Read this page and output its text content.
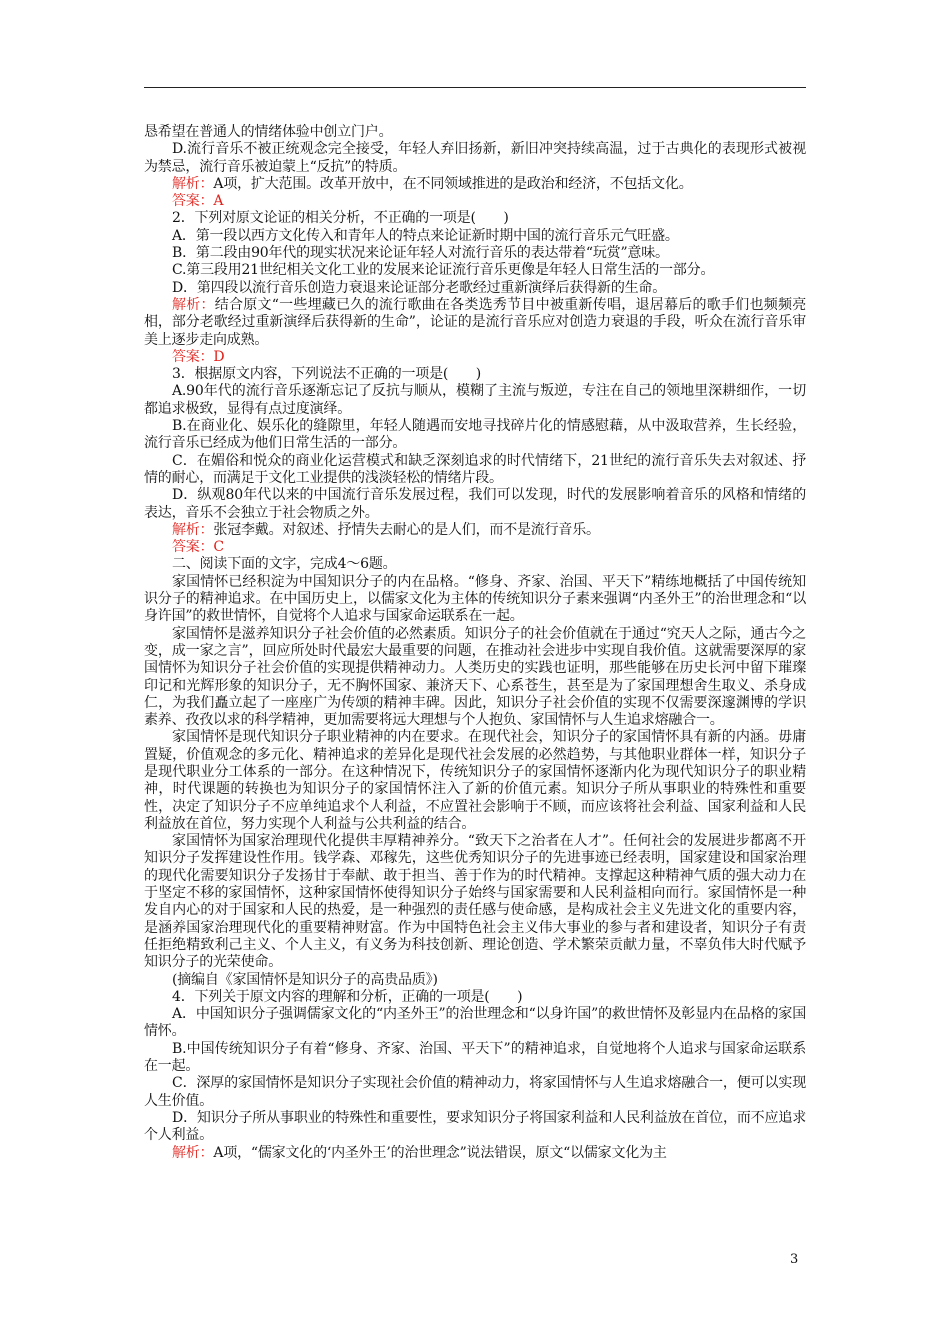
恳希望在普通人的情绪体验中创立门户。

D.流行音乐不被正统观念完全接受，年轻人弃旧扬新，新旧冲突持续高温，过于古典化的表现形式被视为禁忌，流行音乐被迫蒙上“反抗”的特质。

解析：A项，扩大范围。改革开放中，在不同领域推进的是政治和经济，不包括文化。

答案：A

2．下列对原文论证的相关分析，不正确的一项是(　　)

A．第一段以西方文化传入和青年人的特点来论证新时期中国的流行音乐元气旺盛。

B．第二段由90年代的现实状况来论证年轻人对流行音乐的表达带着“玩赏”意味。

C.第三段用21世纪相关文化工业的发展来论证流行音乐更像是年轻人日常生活的一部分。

D．第四段以流行音乐创造力衰退来论证部分老歌经过重新演绎后获得新的生命。

解析：结合原文“一些埋藏已久的流行歌曲在各类选秀节目中被重新传唱，退居幕后的歌手们也频频亮相，部分老歌经过重新演绎后获得新的生命”，论证的是流行音乐应对创造力衰退的手段，听众在流行音乐审美上逐步走向成熟。

答案：D

3．根据原文内容，下列说法不正确的一项是(　　)

A.90年代的流行音乐逐渐忘记了反抗与顺从，模糊了主流与叛逆，专注在自己的领地里深耕细作，一切都追求极致，显得有点过度演绎。

B.在商业化、娱乐化的缝隙里，年轻人随遇而安地寻找碎片化的情感慰藉，从中汲取营养，生长经验，流行音乐已经成为他们日常生活的一部分。

C．在媚俗和悦众的商业化运营模式和缺乏深刻追求的时代情绪下，21世纪的流行音乐失去对叙述、抒情的耐心，而满足于文化工业提供的浅淡轻松的情绪片段。

D．纵观80年代以来的中国流行音乐发展过程，我们可以发现，时代的发展影响着音乐的风格和情绪的表达，音乐不会独立于社会物质之外。

解析：张冠李戴。对叙述、抒情失去耐心的是人们，而不是流行音乐。

答案：C

二、阅读下面的文字，完成4～6题。

家国情怀已经积淀为中国知识分子的内在品格。“修身、齐家、治国、平天下”精练地概括了中国传统知识分子的精神追求。在中国历史上，以儒家文化为主体的传统知识分子素来强调“内圣外王”的治世理念和“以身许国”的救世情怀，自觉将个人追求与国家命运联系在一起。

家国情怀是滋养知识分子社会价值的必然素质。知识分子的社会价值就在于通过“究天人之际，通古今之变，成一家之言”，回应所处时代最宏大最重要的问题，在推动社会进步中实现自我价值。这就需要深厚的家国情怀为知识分子社会价值的实现提供精神动力。人类历史的实践也证明，那些能够在历史长河中留下璀璨印记和光辉形象的知识分子，无不胸怀国家、兼济天下、心系苍生，甚至是为了家国理想舍生取义、杀身成仁，为我们矗立起了一座座广为传颂的精神丰碑。因此，知识分子社会价值的实现不仅需要深邃渊博的学识素养、孜孜以求的科学精神，更加需要将远大理想与个人抱负、家国情怀与人生追求熔融合一。

家国情怀是现代知识分子职业精神的内在要求。在现代社会，知识分子的家国情怀具有新的内涵。毋庸置疑，价值观念的多元化、精神追求的差异化是现代社会发展的必然趋势，与其他职业群体一样，知识分子是现代职业分工体系的一部分。在这种情况下，传统知识分子的家国情怀逐渐内化为现代知识分子的职业精神，时代课题的转换也为知识分子的家国情怀注入了新的价值元素。知识分子所从事职业的特殊性和重要性，决定了知识分子不应单纯追求个人利益，不应置社会影响于不顾，而应该将社会利益、国家利益和人民利益放在首位，努力实现个人利益与公共利益的结合。

家国情怀为国家治理现代化提供丰厚精神养分。“致天下之治者在人才”。任何社会的发展进步都离不开知识分子发挥建设性作用。钱学森、邓稼先，这些优秀知识分子的先进事迹已经表明，国家建设和国家治理的现代化需要知识分子发扬甘于奉献、敢于担当、善于作为的时代精神。支撑起这种精神气质的强大动力在于坚定不移的家国情怀，这种家国情怀使得知识分子始终与国家需要和人民利益相向而行。家国情怀是一种发自内心的对于国家和人民的热爱，是一种强烈的责任感与使命感，是构成社会主义先进文化的重要内容，是涵养国家治理现代化的重要精神财富。作为中国特色社会主义伟大事业的参与者和建设者，知识分子有责任拒绝精致利己主义、个人主义，有义务为科技创新、理论创造、学术繁荣贡献力量，不辜负伟大时代赋予知识分子的光荣使命。

(摘编自《家国情怀是知识分子的高贵品质》)

4．下列关于原文内容的理解和分析，正确的一项是(　　)

A．中国知识分子强调儒家文化的“内圣外王”的治世理念和“以身许国”的救世情怀及彰显内在品格的家国情怀。

B.中国传统知识分子有着“修身、齐家、治国、平天下”的精神追求，自觉地将个人追求与国家命运联系在一起。

C．深厚的家国情怀是知识分子实现社会价值的精神动力，将家国情怀与人生追求熔融合一，便可以实现人生价值。

D．知识分子所从事职业的特殊性和重要性，要求知识分子将国家利益和人民利益放在首位，而不应追求个人利益。

解析：A项，“儒家文化的‘内圣外王’的治世理念”说法错误，原文“以儒家文化为主

3
